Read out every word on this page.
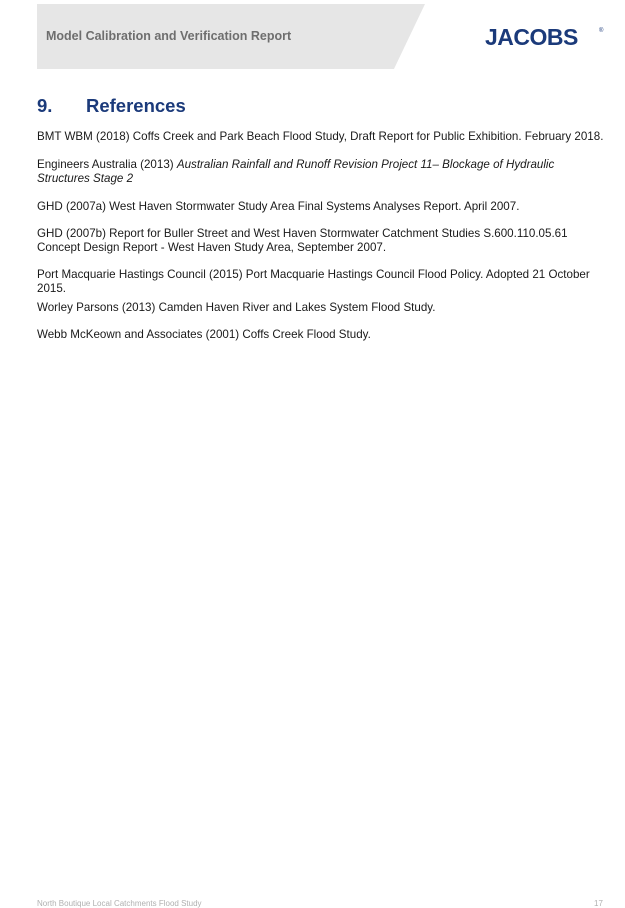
Model Calibration and Verification Report	JACOBS	®
9. References
BMT WBM (2018) Coffs Creek and Park Beach Flood Study, Draft Report for Public Exhibition. February 2018.
Engineers Australia (2013) Australian Rainfall and Runoff Revision Project 11– Blockage of Hydraulic Structures Stage 2
GHD (2007a) West Haven Stormwater Study Area Final Systems Analyses Report. April 2007.
GHD (2007b) Report for Buller Street and West Haven Stormwater Catchment Studies S.600.110.05.61 Concept Design Report - West Haven Study Area, September 2007.
Port Macquarie Hastings Council (2015) Port Macquarie Hastings Council Flood Policy. Adopted 21 October 2015.
Worley Parsons (2013) Camden Haven River and Lakes System Flood Study.
Webb McKeown and Associates (2001) Coffs Creek Flood Study.
North Boutique Local Catchments Flood Study	17
